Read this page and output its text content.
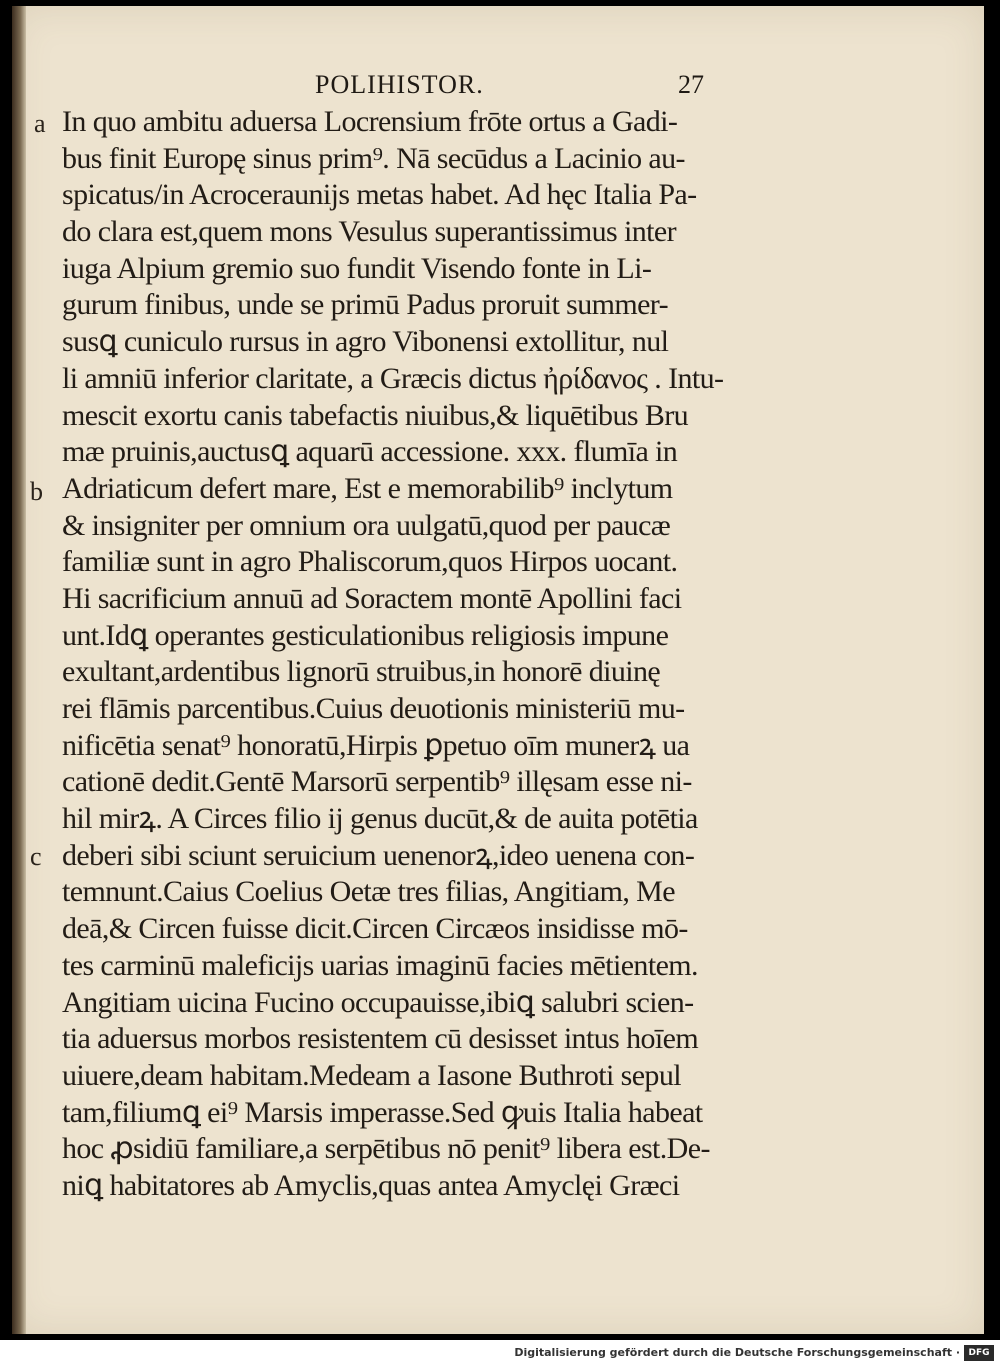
POLIHISTOR.	27
a
b
c
In quo ambitu aduersa Locrensium frōte ortus a Gadi-
bus finit Europę sinus prim⁹. Nā secūdus a Lacinio au-
spicatus/in Acroceraunijs metas habet. Ad hęc Italia Pa-
do clara est,quem mons Vesulus superantissimus inter
iuga Alpium gremio suo fundit Visendo fonte in Li-
gurum finibus, unde se primū Padus proruit summer-
susꝗ cuniculo rursus in agro Vibonensi extollitur, nul
li amniū inferior claritate, a Græcis dictus ἠρίδανος . Intu-
mescit exortu canis tabefactis niuibus,& liquētibus Bru
mæ pruinis,auctusꝗ aquarū accessione. xxx. flumīa in
Adriaticum defert mare, Est e memorabilib⁹ inclytum
& insigniter per omnium ora uulgatū,quod per paucæ
familiæ sunt in agro Phaliscorum,quos Hirpos uocant.
Hi sacrificium annuū ad Soractem montē Apollini faci
unt.Idꝗ operantes gesticulationibus religiosis impune
exultant,ardentibus lignorū struibus,in honorē diuinę
rei flāmis parcentibus.Cuius deuotionis ministeriū mu-
nificētia senat⁹ honoratū,Hirpis ꝑpetuo oīm munerꝝ ua
cationē dedit.Gentē Marsorū serpentib⁹ illęsam esse ni-
hil mirꝝ. A Circes filio ij genus ducūt,& de auita potētia
deberi sibi sciunt seruicium uenenorꝝ,ideo uenena con-
temnunt.Caius Coelius Oetæ tres filias, Angitiam, Me
deā,& Circen fuisse dicit.Circen Circæos insidisse mō-
tes carminū maleficijs uarias imaginū facies mētientem.
Angitiam uicina Fucino occupauisse,ibiꝗ salubri scien-
tia aduersus morbos resistentem cū desisset intus hoīem
uiuere,deam habitam.Medeam a Iasone Buthroti sepul
tam,filiumꝗ ei⁹ Marsis imperasse.Sed ꝙuis Italia habeat
hoc ꝓsidiū familiare,a serpētibus nō penit⁹ libera est.De-
niꝗ habitatores ab Amyclis,quas antea Amyclęi Græci
Digitalisierung gefördert durch die Deutsche Forschungsgemeinschaft · DFG
